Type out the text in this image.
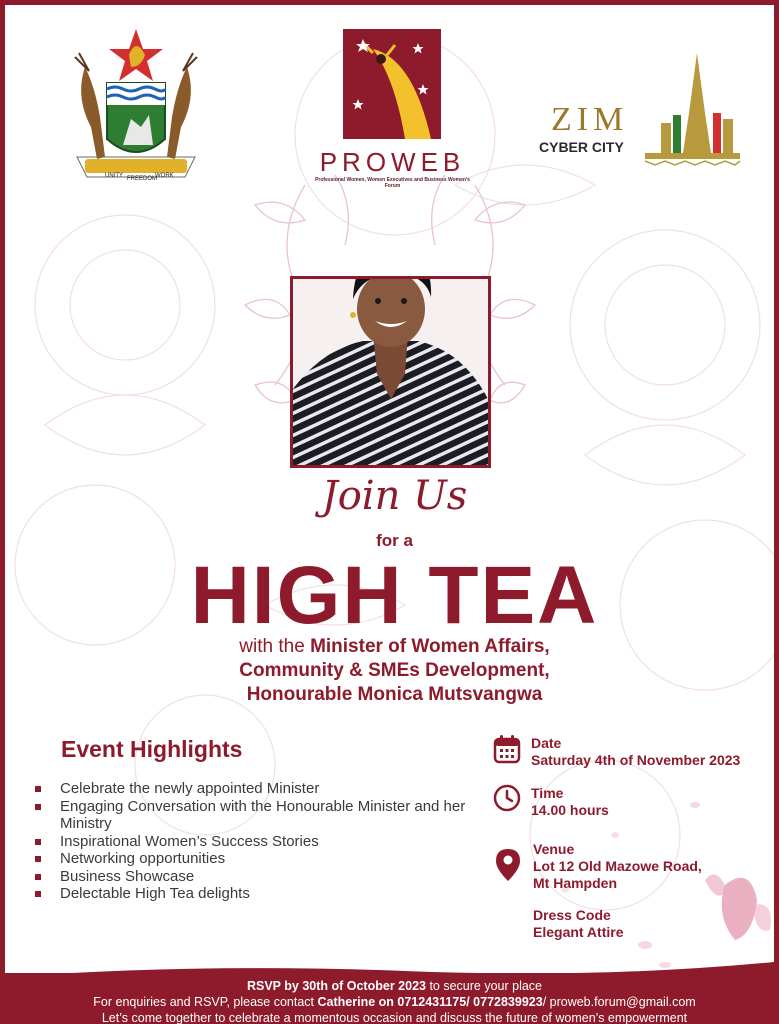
UNITY FREEDOM
WORK	PROWEB
Professional Women, Women Executives and Business Women's Forum
ZIM
CYBER CITY
Join Us
for a
HIGH TEA
with the Minister of Women Affairs,
Community & SMEs Development,
Honourable Monica Mutsvangwa
Event Highlights
Celebrate the newly appointed Minister
Engaging Conversation with the Honourable Minister and her Ministry
Inspirational Women’s Success Stories
Networking opportunities
Business Showcase
Delectable High Tea delights
Date
Saturday 4th of November 2023
Time
14.00 hours
Venue
Lot 12 Old Mazowe Road,
Mt Hampden
Dress Code
Elegant Attire

RSVP by 30th of October 2023 to secure your place

For enquiries and RSVP, please contact Catherine on 0712431175/ 0772839923/ proweb.forum@gmail.com

Let’s come together to celebrate a momentous occasion and discuss the future of women’s empowerment
